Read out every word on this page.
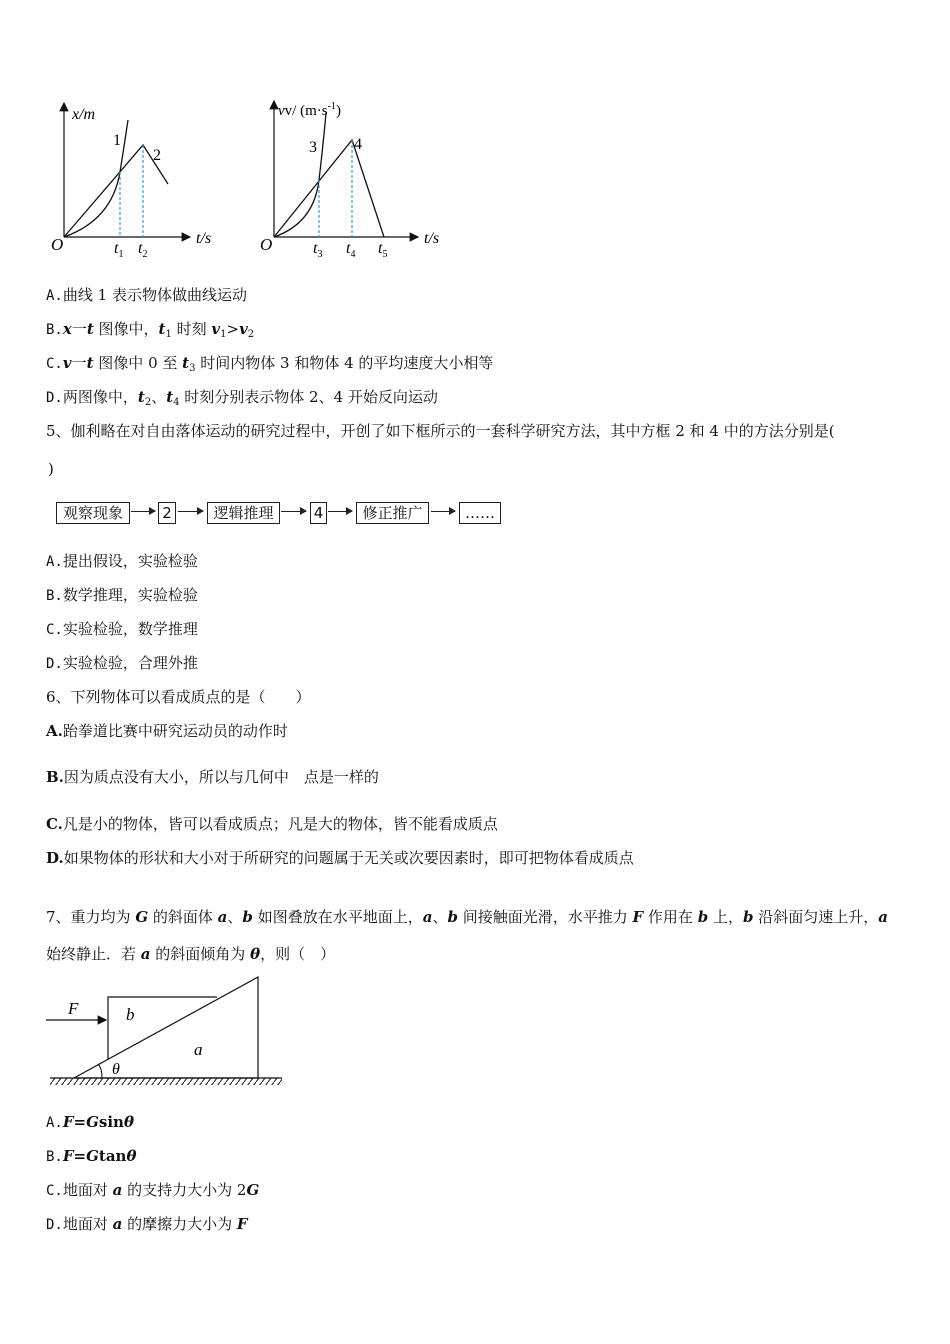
x/m
t/s
O
1
2
$t_1$ $t_2$
vv/ $(m\cdot s^{-1})$
t/s
O
3 4
$t_3$ $t_4$ $t_5$
A.曲线 1 表示物体做曲线运动
B.x一t 图像中，$t_1$ 时刻 $v_1>v_2$
C.v一t 图像中 0 至 $t_3$ 时间内物体 3 和物体 4 的平均速度大小相等
D.两图像中，$t_2$、$t_4$ 时刻分别表示物体 2、4 开始反向运动
5、伽利略在对自由落体运动的研究过程中，开创了如下框所示的一套科学研究方法，其中方框 2 和 4 中的方法分别是(
)
观察现象	2	逻辑推理	4	修正推广	……
A.提出假设，实验检验
B.数学推理，实验检验
C.实验检验，数学推理
D.实验检验，合理外推
6、下列物体可以看成质点的是（　　）
A.跆拳道比赛中研究运动员的动作时
B.因为质点没有大小，所以与几何中　点是一样的
C.凡是小的物体，皆可以看成质点；凡是大的物体，皆不能看成质点
D.如果物体的形状和大小对于所研究的问题属于无关或次要因素时，即可把物体看成质点
7、重力均为 G 的斜面体 a、b 如图叠放在水平地面上，a、b 间接触面光滑，水平推力 F 作用在 b 上，b 沿斜面匀速上升，a
始终静止．若 a 的斜面倾角为 θ，则（　）
F	b
a
θ
A.F=Gsinθ
B.F=Gtanθ
C.地面对 a 的支持力大小为 2G
D.地面对 a 的摩擦力大小为 F
